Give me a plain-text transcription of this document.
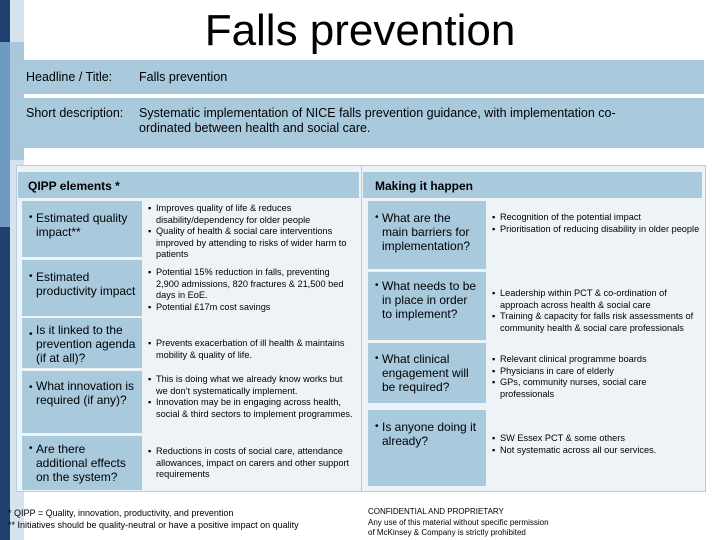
Falls prevention
Headline / Title: Falls prevention
Short description: Systematic implementation of NICE falls prevention guidance, with implementation co-ordinated between health and social care.
QIPP elements *
• Estimated quality impact**
▪ Improves quality of life & reduces disability/dependency for older people
▪ Quality of health & social care interventions improved by attending to risks of wider harm to patients
• Estimated productivity impact
▪ Potential 15% reduction in falls, preventing 2,900 admissions, 820 fractures & 21,500 bed days in EoE.
▪ Potential £17m cost savings
• Is it linked to the prevention agenda (if at all)?
▪ Prevents exacerbation of ill health & maintains mobility & quality of life.
• What innovation is required (if any)?
▪ This is doing what we already know works but we don’t systematically implement.
▪ Innovation may be in engaging across health, social & third sectors to implement programmes.
• Are there additional effects on the system?
▪ Reductions in costs of social care, attendance allowances, impact on carers and other support requirements
Making it happen
• What are the main barriers for implementation?
▪ Recognition of the potential impact
▪ Prioritisation of reducing disability in older people
• What needs to be in place in order to implement?
▪ Leadership within PCT & co-ordination of approach across health & social care
▪ Training & capacity for falls risk assessments of community health & social care professionals
• What clinical engagement will be required?
▪ Relevant clinical programme boards
▪ Physicians in care of elderly
▪ GPs, community nurses, social care professionals
• Is anyone doing it already?	▪ SW Essex PCT & some others
▪ Not systematic across all our services.
* QIPP = Quality, innovation, productivity, and prevention
** Initiatives should be quality-neutral or have a positive impact on quality
CONFIDENTIAL AND PROPRIETARY
Any use of this material without specific permission
of McKinsey & Company is strictly prohibited
